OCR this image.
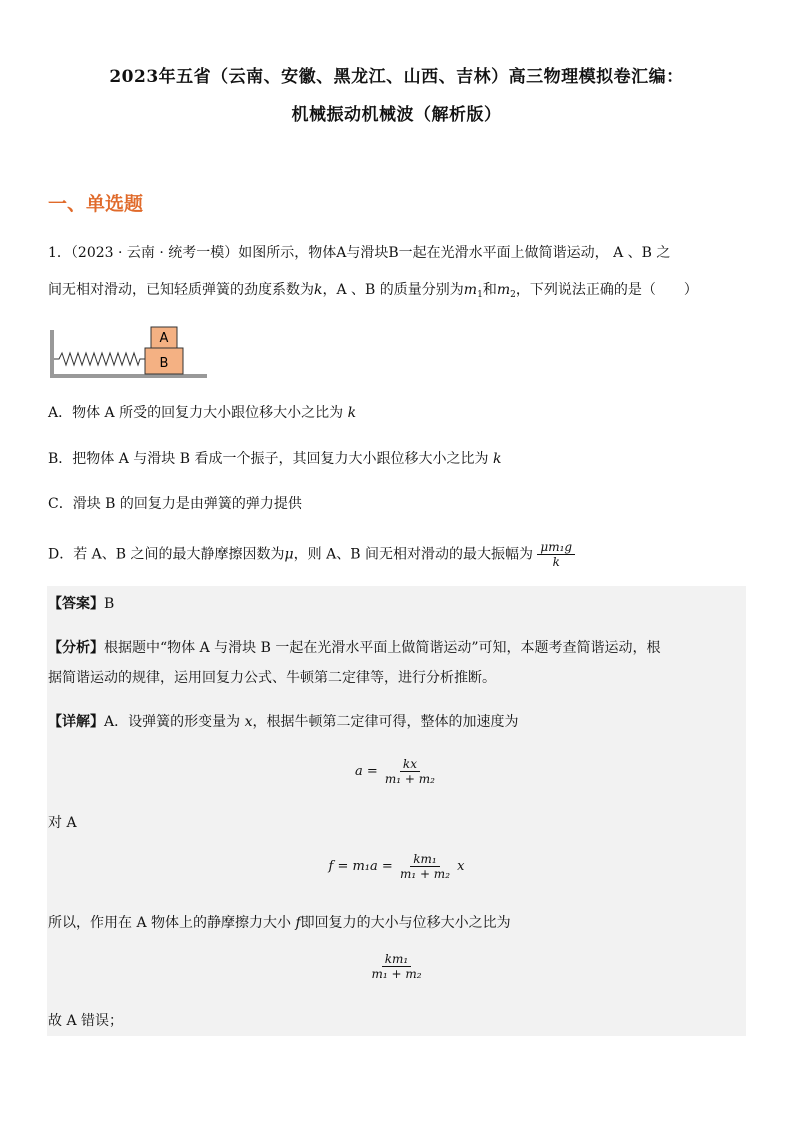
2023年五省（云南、安徽、黑龙江、山西、吉林）高三物理模拟卷汇编：
机械振动机械波（解析版）
一、单选题
1．（2023 · 云南 · 统考一模）如图所示，物体A与滑块B一起在光滑水平面上做简谐运动， A 、B 之
间无相对滑动，已知轻质弹簧的劲度系数为k，A 、B 的质量分别为$m_1$和$m_2$，下列说法正确的是（　　）
B
A
A．物体 A 所受的回复力大小跟位移大小之比为 k
B．把物体 A 与滑块 B 看成一个振子，其回复力大小跟位移大小之比为 k
C．滑块 B 的回复力是由弹簧的弹力提供
D．若 A、B 之间的最大静摩擦因数为μ，则 A、B 间无相对滑动的最大振幅为 $\frac{\text{μm₁g}}{k}$
【答案】B
【分析】根据题中“物体 A 与滑块 B 一起在光滑水平面上做简谐运动”可知，本题考查简谐运动，根
据简谐运动的规律，运用回复力公式、牛顿第二定律等，进行分析推断。
【详解】A．设弹簧的形变量为 x，根据牛顿第二定律可得，整体的加速度为
$a = \frac{kx}{\text{m₁ + m₂}}$
对 A
$f = m_1a = \frac{\text{km₁}}{\text{m₁ + m₂}}$ x
所以，作用在 A 物体上的静摩擦力大小 f即回复力的大小与位移大小之比为
$\frac{\text{km₁}}{\text{m₁ + m₂}}$
故 A 错误；
